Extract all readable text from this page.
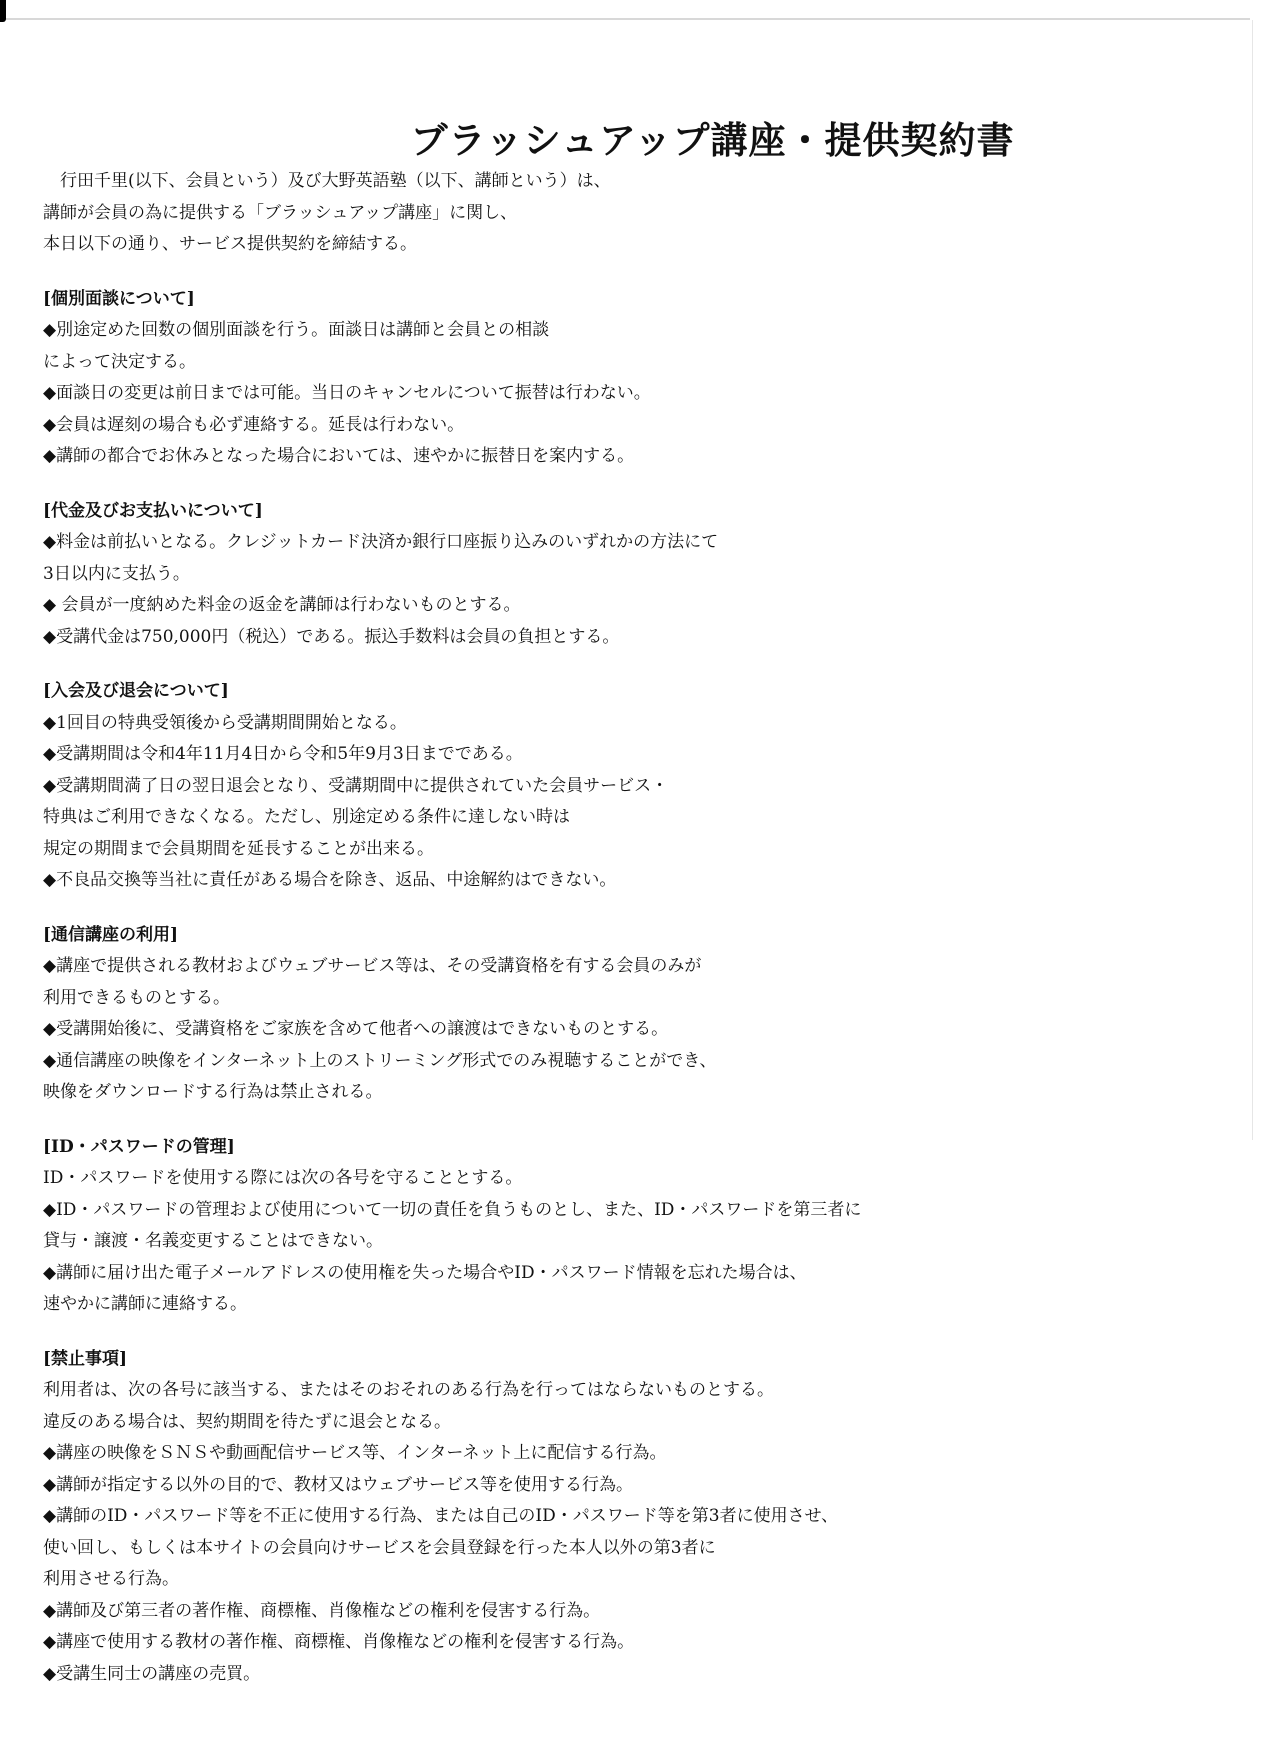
ブラッシュアップ講座・提供契約書
行田千里(以下、会員という）及び大野英語塾（以下、講師という）は、
講師が会員の為に提供する「ブラッシュアップ講座」に関し、
本日以下の通り、サービス提供契約を締結する。
[個別面談について]
◆別途定めた回数の個別面談を行う。面談日は講師と会員との相談
によって決定する。
◆面談日の変更は前日までは可能。当日のキャンセルについて振替は行わない。
◆会員は遅刻の場合も必ず連絡する。延長は行わない。
◆講師の都合でお休みとなった場合においては、速やかに振替日を案内する。
[代金及びお支払いについて]
◆料金は前払いとなる。クレジットカード決済か銀行口座振り込みのいずれかの方法にて
3日以内に支払う。
◆ 会員が一度納めた料金の返金を講師は行わないものとする。
◆受講代金は750,000円（税込）である。振込手数料は会員の負担とする。
[入会及び退会について]
◆1回目の特典受領後から受講期間開始となる。
◆受講期間は令和4年11月4日から令和5年9月3日までである。
◆受講期間満了日の翌日退会となり、受講期間中に提供されていた会員サービス・
特典はご利用できなくなる。ただし、別途定める条件に達しない時は
規定の期間まで会員期間を延長することが出来る。
◆不良品交換等当社に責任がある場合を除き、返品、中途解約はできない。
[通信講座の利用]
◆講座で提供される教材およびウェブサービス等は、その受講資格を有する会員のみが
利用できるものとする。
◆受講開始後に、受講資格をご家族を含めて他者への譲渡はできないものとする。
◆通信講座の映像をインターネット上のストリーミング形式でのみ視聴することができ、
映像をダウンロードする行為は禁止される。
[ID・パスワードの管理]
ID・パスワードを使用する際には次の各号を守ることとする。
◆ID・パスワードの管理および使用について一切の責任を負うものとし、また、ID・パスワードを第三者に
貸与・譲渡・名義変更することはできない。
◆講師に届け出た電子メールアドレスの使用権を失った場合やID・パスワード情報を忘れた場合は、
速やかに講師に連絡する。
[禁止事項]
利用者は、次の各号に該当する、またはそのおそれのある行為を行ってはならないものとする。
違反のある場合は、契約期間を待たずに退会となる。
◆講座の映像をＳＮＳや動画配信サービス等、インターネット上に配信する行為。
◆講師が指定する以外の目的で、教材又はウェブサービス等を使用する行為。
◆講師のID・パスワード等を不正に使用する行為、または自己のID・パスワード等を第3者に使用させ、
使い回し、もしくは本サイトの会員向けサービスを会員登録を行った本人以外の第3者に
利用させる行為。
◆講師及び第三者の著作権、商標権、肖像権などの権利を侵害する行為。
◆講座で使用する教材の著作権、商標権、肖像権などの権利を侵害する行為。
◆受講生同士の講座の売買。
